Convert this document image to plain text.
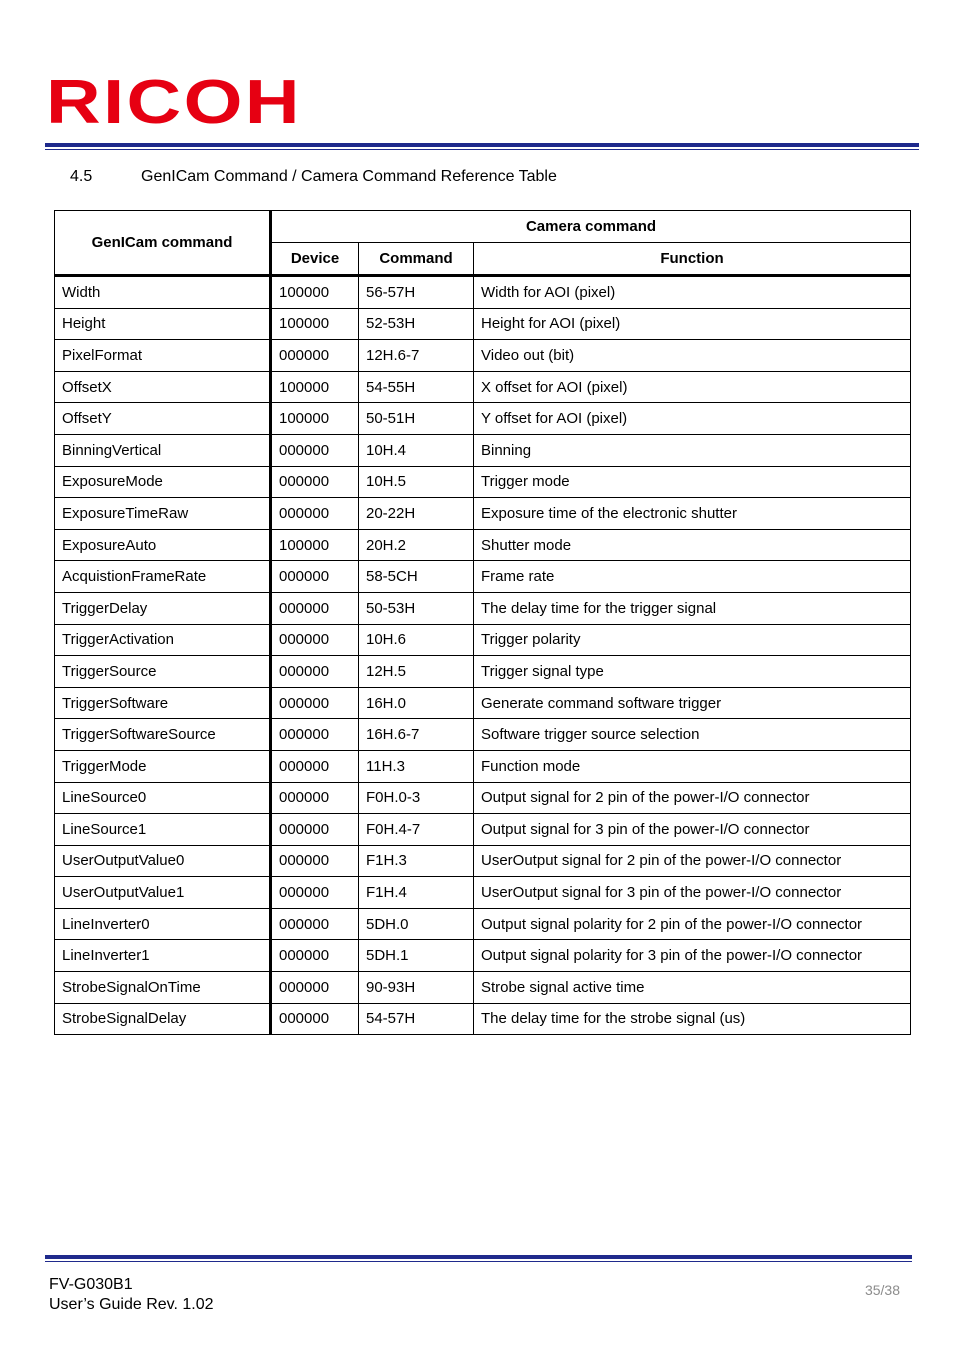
RICOH
4.5	GenICam Command / Camera Command Reference Table
GenICam command	Camera command		
	Device	Command	Function
Width	100000	56-57H	Width for AOI (pixel)
Height	100000	52-53H	Height for AOI (pixel)
PixelFormat	000000	12H.6-7	Video out (bit)
OffsetX	100000	54-55H	X offset for AOI (pixel)
OffsetY	100000	50-51H	Y offset for AOI (pixel)
BinningVertical	000000	10H.4	Binning
ExposureMode	000000	10H.5	Trigger mode
ExposureTimeRaw	000000	20-22H	Exposure time of the electronic shutter
ExposureAuto	100000	20H.2	Shutter mode
AcquistionFrameRate	000000	58-5CH	Frame rate
TriggerDelay	000000	50-53H	The delay time for the trigger signal
TriggerActivation	000000	10H.6	Trigger polarity
TriggerSource	000000	12H.5	Trigger signal type
TriggerSoftware	000000	16H.0	Generate command software trigger
TriggerSoftwareSource	000000	16H.6-7	Software trigger source selection
TriggerMode	000000	11H.3	Function mode
LineSource0	000000	F0H.0-3	Output signal for 2 pin of the power-I/O connector
LineSource1	000000	F0H.4-7	Output signal for 3 pin of the power-I/O connector
UserOutputValue0	000000	F1H.3	UserOutput signal for 2 pin of the power-I/O connector
UserOutputValue1	000000	F1H.4	UserOutput signal for 3 pin of the power-I/O connector
LineInverter0	000000	5DH.0	Output signal polarity for 2 pin of the power-I/O connector
LineInverter1	000000	5DH.1	Output signal polarity for 3 pin of the power-I/O connector
StrobeSignalOnTime	000000	90-93H	Strobe signal active time
StrobeSignalDelay	000000	54-57H	The delay time for the strobe signal (us)
FV-G030B1
User’s Guide Rev. 1.02
35/38
